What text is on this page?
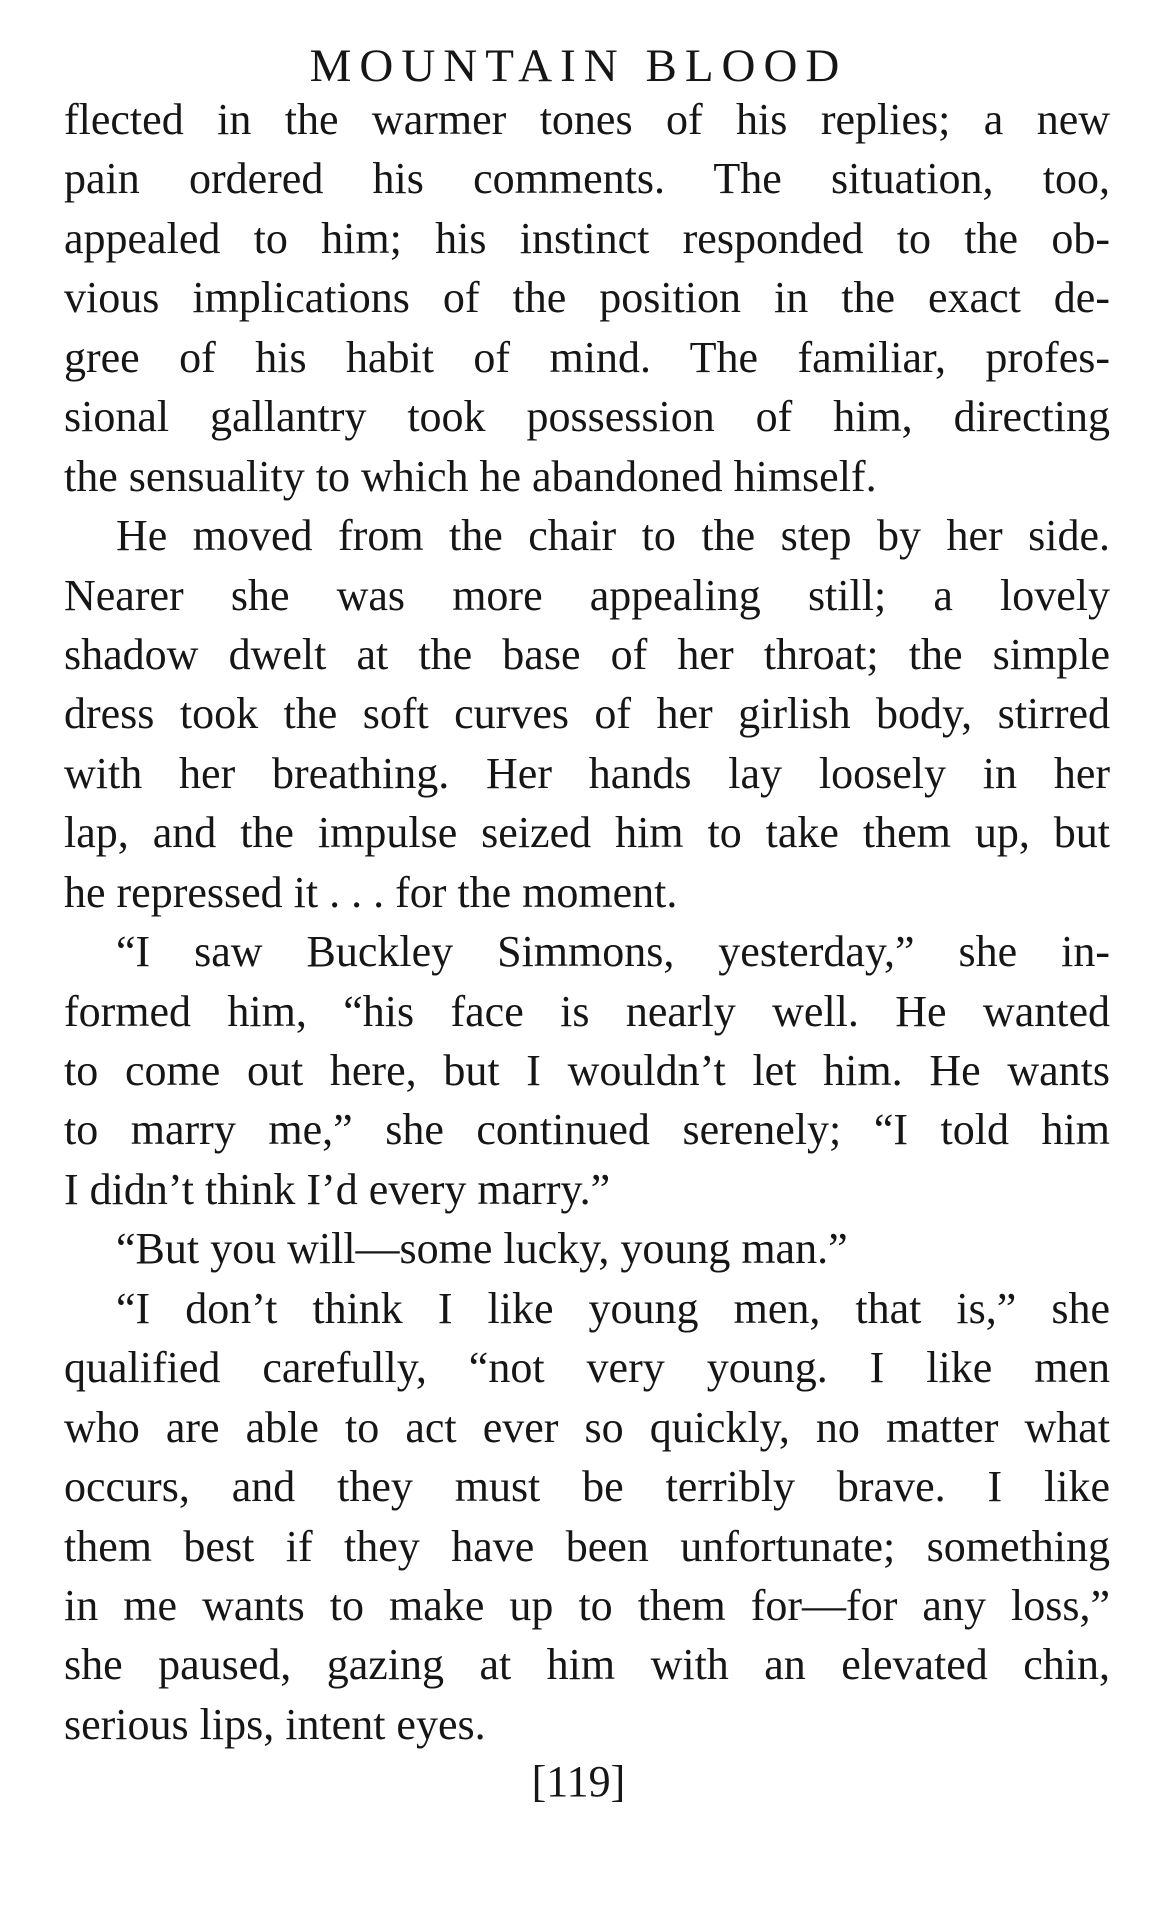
MOUNTAIN BLOOD
flected in the warmer tones of his replies; a new
pain ordered his comments. The situation, too,
appealed to him; his instinct responded to the ob-
vious implications of the position in the exact de-
gree of his habit of mind. The familiar, profes-
sional gallantry took possession of him, directing
the sensuality to which he abandoned himself.
He moved from the chair to the step by her side.
Nearer she was more appealing still; a lovely
shadow dwelt at the base of her throat; the simple
dress took the soft curves of her girlish body, stirred
with her breathing. Her hands lay loosely in her
lap, and the impulse seized him to take them up, but
he repressed it . . . for the moment.
“I saw Buckley Simmons, yesterday,” she in-
formed him, “his face is nearly well. He wanted
to come out here, but I wouldn’t let him. He wants
to marry me,” she continued serenely; “I told him
I didn’t think I’d every marry.”
“But you will—some lucky, young man.”
“I don’t think I like young men, that is,” she
qualified carefully, “not very young. I like men
who are able to act ever so quickly, no matter what
occurs, and they must be terribly brave. I like
them best if they have been unfortunate; something
in me wants to make up to them for—for any loss,”
she paused, gazing at him with an elevated chin,
serious lips, intent eyes.
[119]
